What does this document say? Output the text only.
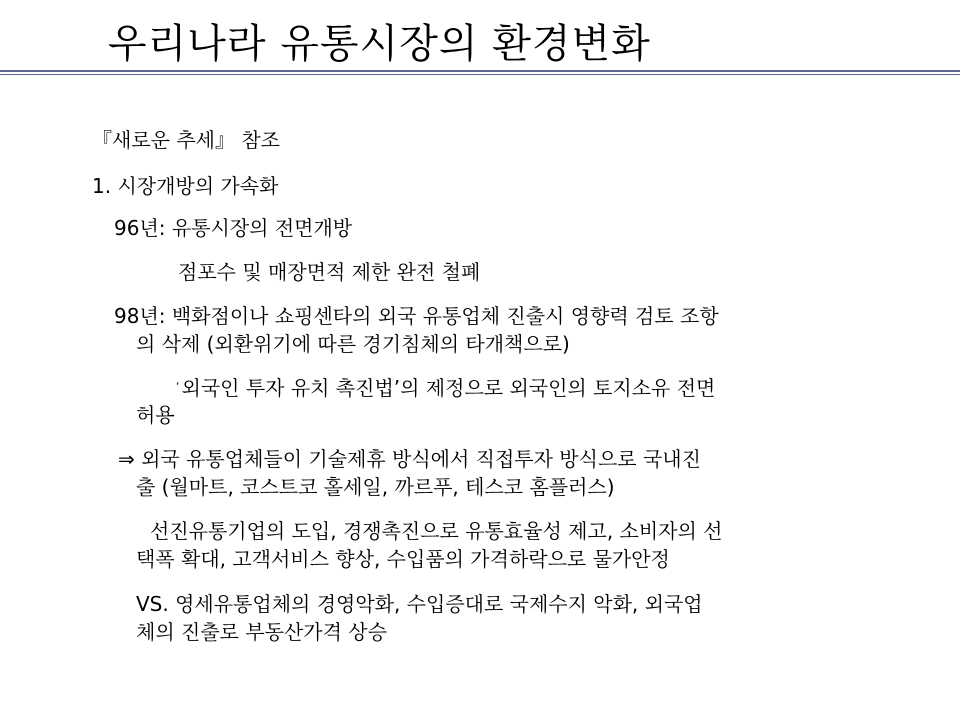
우리나라 유통시장의 환경변화

『새로운 추세』 참조

1. 시장개방의 가속화

96년: 유통시장의 전면개방

점포수 및 매장면적 제한 완전 철폐

98년: 백화점이나 쇼핑센타의 외국 유통업체 진출시 영향력 검토 조항

의 삭제 (외환위기에 따른 경기침체의 타개책으로)

‘ 외국인 투자 유치 촉진법’의 제정으로 외국인의 토지소유 전면

허용

⇒ 외국 유통업체들이 기술제휴 방식에서 직접투자 방식으로 국내진

출 (월마트, 코스트코 홀세일, 까르푸, 테스코 홈플러스)

선진유통기업의 도입, 경쟁촉진으로 유통효율성 제고, 소비자의 선

택폭 확대, 고객서비스 향상, 수입품의 가격하락으로 물가안정

VS. 영세유통업체의 경영악화, 수입증대로 국제수지 악화, 외국업

체의 진출로 부동산가격 상승
